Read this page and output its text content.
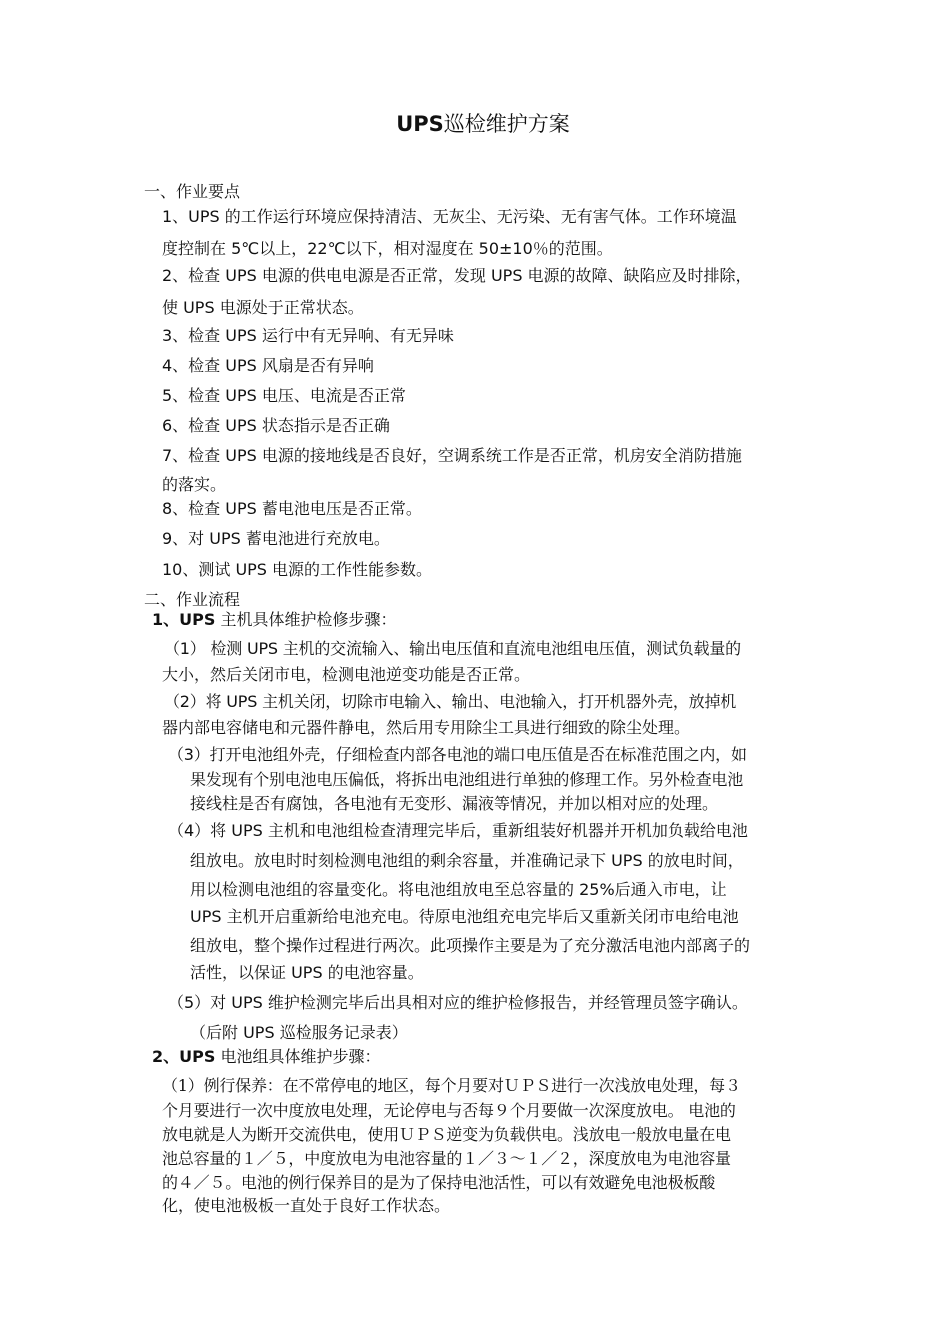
UPS巡检维护方案
一、作业要点
1、UPS 的工作运行环境应保持清洁、无灰尘、无污染、无有害气体。工作环境温
度控制在 5℃以上，22℃以下，相对湿度在 50±10％的范围。
2、检查 UPS 电源的供电电源是否正常，发现 UPS 电源的故障、缺陷应及时排除，
使 UPS 电源处于正常状态。
3、检查 UPS 运行中有无异响、有无异味
4、检查 UPS 风扇是否有异响
5、检查 UPS 电压、电流是否正常
6、检查 UPS 状态指示是否正确
7、检查 UPS 电源的接地线是否良好，空调系统工作是否正常，机房安全消防措施
的落实。
8、检查 UPS 蓄电池电压是否正常。
9、对 UPS 蓄电池进行充放电。
10、测试 UPS 电源的工作性能参数。
二、作业流程
1、UPS 主机具体维护检修步骤：
（1） 检测 UPS 主机的交流输入、输出电压值和直流电池组电压值，测试负载量的
大小，然后关闭市电，检测电池逆变功能是否正常。
（2）将 UPS 主机关闭，切除市电输入、输出、电池输入，打开机器外壳，放掉机
器内部电容储电和元器件静电，然后用专用除尘工具进行细致的除尘处理。
（3）打开电池组外壳，仔细检查内部各电池的端口电压值是否在标准范围之内，如
果发现有个别电池电压偏低，将拆出电池组进行单独的修理工作。另外检查电池
接线柱是否有腐蚀，各电池有无变形、漏液等情况，并加以相对应的处理。
（4）将 UPS 主机和电池组检查清理完毕后，重新组装好机器并开机加负载给电池
组放电。放电时时刻检测电池组的剩余容量，并准确记录下 UPS 的放电时间，
用以检测电池组的容量变化。将电池组放电至总容量的 25%后通入市电，让
UPS 主机开启重新给电池充电。待原电池组充电完毕后又重新关闭市电给电池
组放电，整个操作过程进行两次。此项操作主要是为了充分激活电池内部离子的
活性，以保证 UPS 的电池容量。
（5）对 UPS 维护检测完毕后出具相对应的维护检修报告，并经管理员签字确认。
（后附 UPS 巡检服务记录表）
2、UPS 电池组具体维护步骤：
（1）例行保养：在不常停电的地区，每个月要对ＵＰＳ进行一次浅放电处理，每３
个月要进行一次中度放电处理，无论停电与否每９个月要做一次深度放电。 电池的
放电就是人为断开交流供电，使用ＵＰＳ逆变为负载供电。浅放电一般放电量在电
池总容量的１／５，中度放电为电池容量的１／３～１／２，深度放电为电池容量
的４／５。电池的例行保养目的是为了保持电池活性，可以有效避免电池极板酸
化，使电池极板一直处于良好工作状态。
